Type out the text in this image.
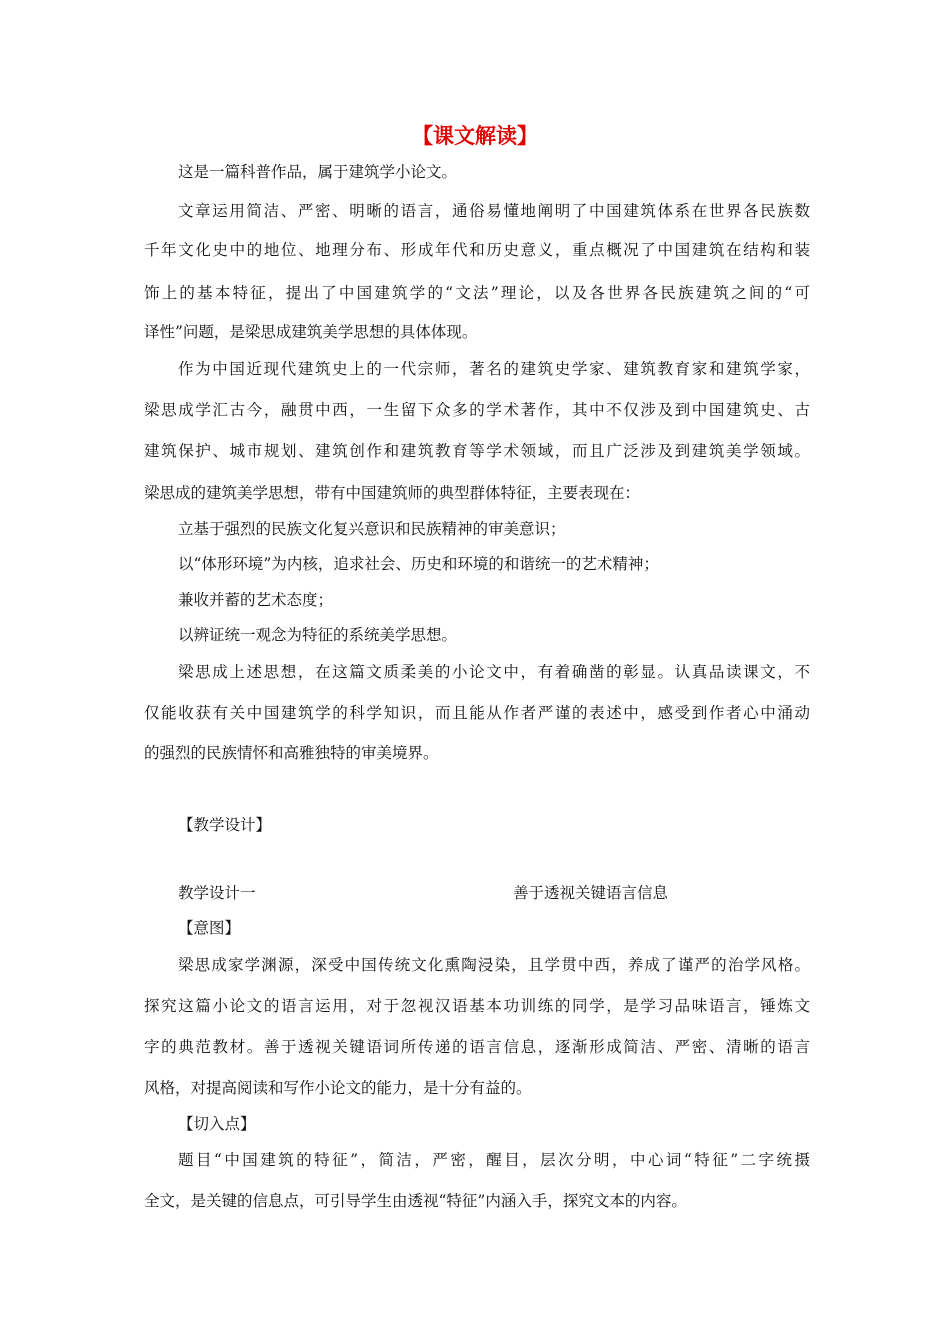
【课文解读】
这是一篇科普作品，属于建筑学小论文。
文章运用简洁、严密、明晰的语言，通俗易懂地阐明了中国建筑体系在世界各民族数
千年文化史中的地位、地理分布、形成年代和历史意义，重点概况了中国建筑在结构和装
饰上的基本特征，提出了中国建筑学的“文法”理论，以及各世界各民族建筑之间的“可
译性”问题，是梁思成建筑美学思想的具体体现。
作为中国近现代建筑史上的一代宗师，著名的建筑史学家、建筑教育家和建筑学家，
梁思成学汇古今，融贯中西，一生留下众多的学术著作，其中不仅涉及到中国建筑史、古
建筑保护、城市规划、建筑创作和建筑教育等学术领域，而且广泛涉及到建筑美学领域。
梁思成的建筑美学思想，带有中国建筑师的典型群体特征，主要表现在：
立基于强烈的民族文化复兴意识和民族精神的审美意识；
以“体形环境”为内核，追求社会、历史和环境的和谐统一的艺术精神；
兼收并蓄的艺术态度；
以辨证统一观念为特征的系统美学思想。
梁思成上述思想，在这篇文质柔美的小论文中，有着确凿的彰显。认真品读课文，不
仅能收获有关中国建筑学的科学知识，而且能从作者严谨的表述中，感受到作者心中涌动
的强烈的民族情怀和高雅独特的审美境界。
【教学设计】
教学设计一	善于透视关键语言信息
【意图】
梁思成家学渊源，深受中国传统文化熏陶浸染，且学贯中西，养成了谨严的治学风格。
探究这篇小论文的语言运用，对于忽视汉语基本功训练的同学，是学习品味语言，锤炼文
字的典范教材。善于透视关键语词所传递的语言信息，逐渐形成简洁、严密、清晰的语言
风格，对提高阅读和写作小论文的能力，是十分有益的。
【切入点】
题目“中国建筑的特征”，简洁，严密，醒目，层次分明，中心词“特征”二字统摄
全文，是关键的信息点，可引导学生由透视“特征”内涵入手，探究文本的内容。
